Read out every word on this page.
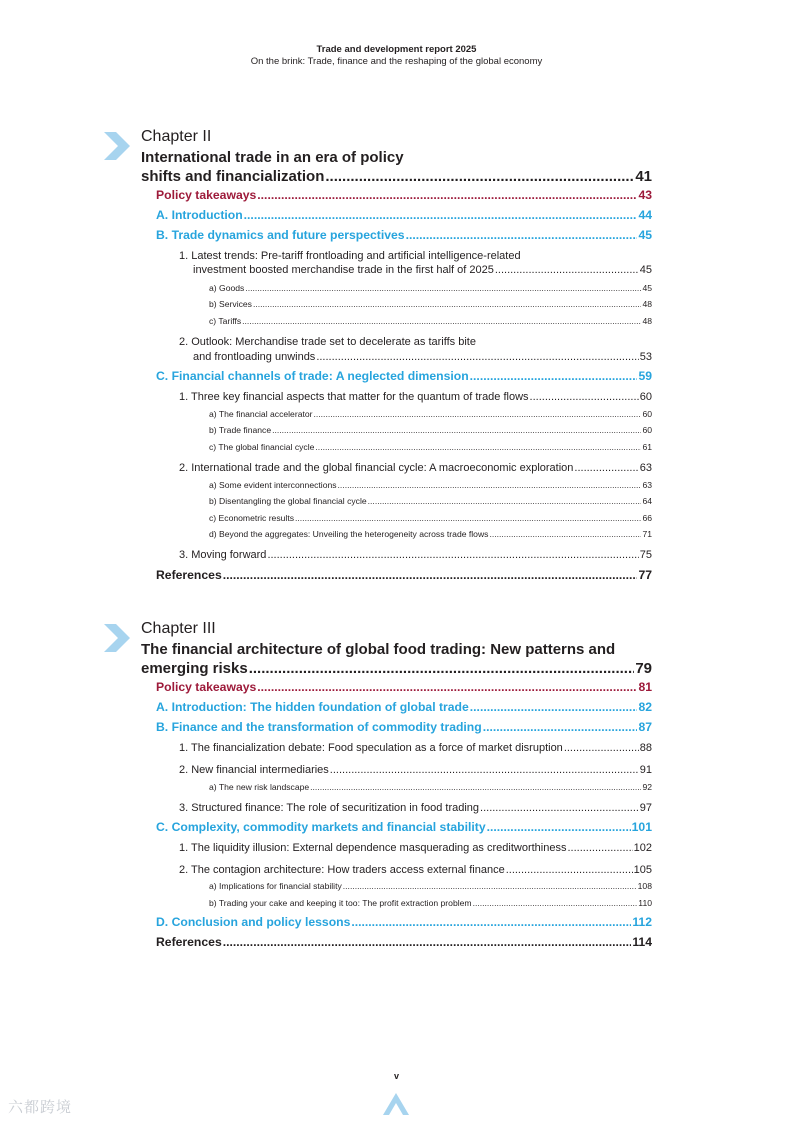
Trade and development report 2025
On the brink: Trade, finance and the reshaping of the global economy
Chapter II
International trade in an era of policy
shifts and financialization .....	41
Policy takeaways .....	43
A. Introduction .....	44
B. Trade dynamics and future perspectives .....	45
1. Latest trends: Pre-tariff frontloading and artificial intelligence-related
investment boosted merchandise trade in the first half of 2025 .....	45
a) Goods .....	45
b) Services .....	48
c) Tariffs .....	48
2. Outlook: Merchandise trade set to decelerate as tariffs bite
and frontloading unwinds .....	53
C. Financial channels of trade: A neglected dimension .....	59
1. Three key financial aspects that matter for the quantum of trade flows .....	60
a) The financial accelerator .....	60
b) Trade finance .....	60
c) The global financial cycle .....	61
2. International trade and the global financial cycle: A macroeconomic exploration .....	63
a) Some evident interconnections .....	63
b) Disentangling the global financial cycle .....	64
c) Econometric results .....	66
d) Beyond the aggregates: Unveiling the heterogeneity across trade flows .....	71
3. Moving forward .....	75
References .....	77
Chapter III
The financial architecture of global food trading: New patterns and
emerging risks .....	79
Policy takeaways .....	81
A. Introduction: The hidden foundation of global trade .....	82
B. Finance and the transformation of commodity trading .....	87
1. The financialization debate: Food speculation as a force of market disruption .....	88
2. New financial intermediaries .....	91
a) The new risk landscape .....	92
3. Structured finance: The role of securitization in food trading .....	97
C. Complexity, commodity markets and financial stability .....	101
1. The liquidity illusion: External dependence masquerading as creditworthiness .....	102
2. The contagion architecture: How traders access external finance .....	105
a) Implications for financial stability .....	108
b) Trading your cake and keeping it too: The profit extraction problem .....	110
D. Conclusion and policy lessons .....	112
References .....	114
v
六都跨境
